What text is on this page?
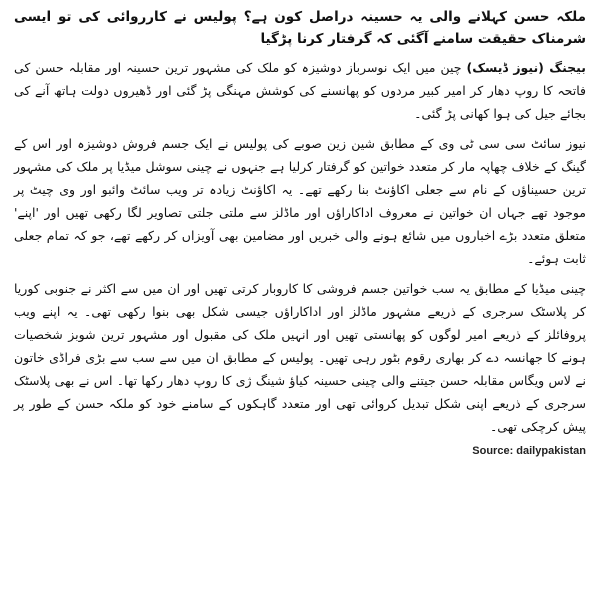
ملکہ حسن کہلانے والی یہ حسینہ دراصل کون ہے؟ پولیس نے کارروائی کی تو ایسی شرمناک حقیقت سامنے آگئی کہ گرفتار کرنا پڑگیا

بیجنگ (نیوز ڈیسک) چین میں ایک نوسرباز دوشیزہ کو ملک کی مشہور ترین حسینہ اور مقابلہ حسن کی فاتحہ کا روپ دھار کر امیر کبیر مردوں کو پھانسنے کی کوشش مہنگی پڑ گئی اور ڈھیروں دولت ہاتھ آنے کی بجائے جیل کی ہوا کھانی پڑ گئی۔

نیوز سائٹ سی سی ٹی وی کے مطابق شین زین صوبے کی پولیس نے ایک جسم فروش دوشیزہ اور اس کے گینگ کے خلاف چھاپہ مار کر متعدد خواتین کو گرفتار کرلیا ہے جنہوں نے چینی سوشل میڈیا پر ملک کی مشہور ترین حسیناؤں کے نام سے جعلی اکاؤنٹ بنا رکھے تھے۔ یہ اکاؤنٹ زیادہ تر ویب سائٹ وائبو اور وی چیٹ پر موجود تھے جہاں ان خواتین نے معروف اداکاراؤں اور ماڈلز سے ملتی جلتی تصاویر لگا رکھی تھیں اور 'اپنے' متعلق متعدد بڑے اخباروں میں شائع ہونے والی خبریں اور مضامین بھی آویزاں کر رکھے تھے، جو کہ تمام جعلی ثابت ہوئے۔

چینی میڈیا کے مطابق یہ سب خواتین جسم فروشی کا کاروبار کرتی تھیں اور ان میں سے اکثر نے جنوبی کوریا کر پلاسٹک سرجری کے ذریعے مشہور ماڈلز اور اداکاراؤں جیسی شکل بھی بنوا رکھی تھی۔ یہ اپنے ویب پروفائلز کے ذریعے امیر لوگوں کو پھانستی تھیں اور انہیں ملک کی مقبول اور مشہور ترین شوبز شخصیات ہونے کا جھانسہ دے کر بھاری رقوم بٹور رہی تھیں۔ پولیس کے مطابق ان میں سے سب سے بڑی فراڈی خاتون نے لاس ویگاس مقابلہ حسن جیتنے والی چینی حسینہ کیاؤ شینگ ژی کا روپ دھار رکھا تھا۔ اس نے بھی پلاسٹک سرجری کے ذریعے اپنی شکل تبدیل کروائی تھی اور متعدد گاہکوں کے سامنے خود کو ملکہ حسن کے طور پر پیش کرچکی تھی۔

Source: dailypakistan
